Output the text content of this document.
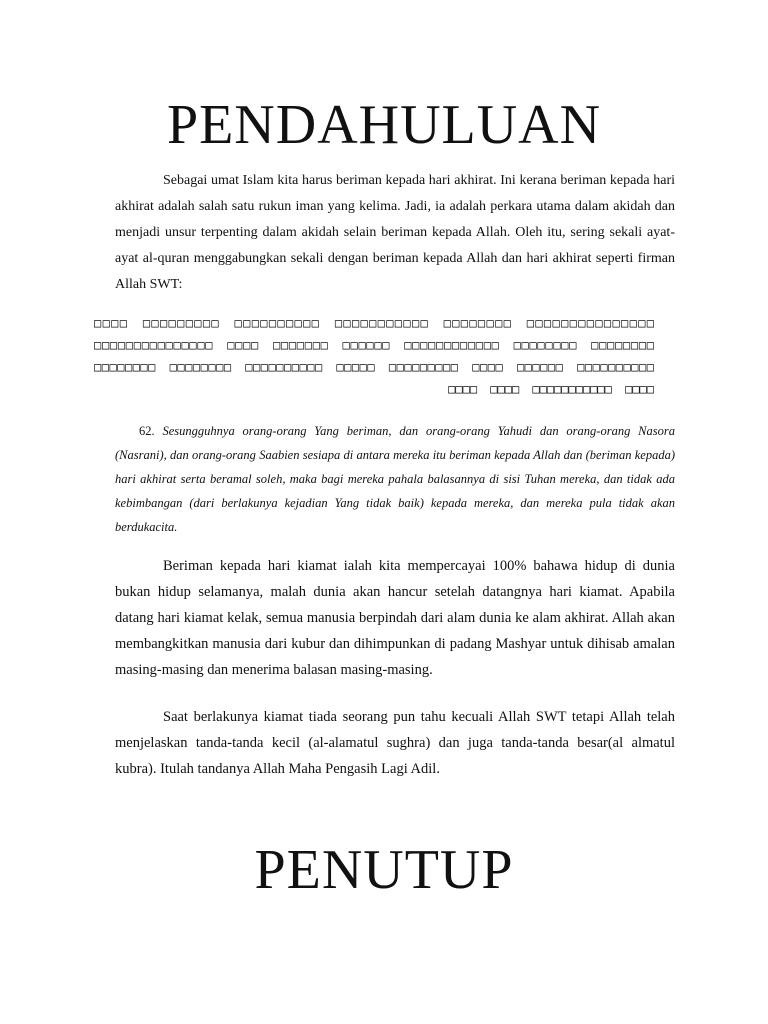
PENDAHULUAN
Sebagai umat Islam kita harus beriman kepada hari akhirat. Ini kerana beriman kepada hari akhirat adalah salah satu rukun iman yang kelima. Jadi, ia adalah perkara utama dalam akidah dan menjadi unsur terpenting dalam akidah selain beriman kepada Allah. Oleh itu, sering sekali ayat-ayat al-quran menggabungkan sekali dengan beriman kepada Allah dan hari akhirat seperti firman Allah SWT:
□□□□ □□□□□□□□□ □□□□□□□□□□ □□□□□□□□□□□ □□□□□□□□ □□□□□□□□□□□□□□□ □□□□□□□□□□□□□□□ □□□□ □□□□□□□ □□□□□□ □□□□□□□□□□□□ □□□□□□□□ □□□□□□□□ □□□□□□□□ □□□□□□□□ □□□□□□□□□□ □□□□□ □□□□□□□□□ □□□□ □□□□□□ □□□□□□□□□□ □□□□ □□□□ □□□□□□□□□□□ □□□□
62. Sesungguhnya orang-orang Yang beriman, dan orang-orang Yahudi dan orang-orang Nasora (Nasrani), dan orang-orang Saabien sesiapa di antara mereka itu beriman kepada Allah dan (beriman kepada) hari akhirat serta beramal soleh, maka bagi mereka pahala balasannya di sisi Tuhan mereka, dan tidak ada kebimbangan (dari berlakunya kejadian Yang tidak baik) kepada mereka, dan mereka pula tidak akan berdukacita.
Beriman kepada hari kiamat ialah kita mempercayai 100% bahawa hidup di dunia bukan hidup selamanya, malah dunia akan hancur setelah datangnya hari kiamat. Apabila datang hari kiamat kelak, semua manusia berpindah dari alam dunia ke alam akhirat. Allah akan membangkitkan manusia dari kubur dan dihimpunkan di padang Mashyar untuk dihisab amalan masing-masing dan menerima balasan masing-masing.
Saat berlakunya kiamat tiada seorang pun tahu kecuali Allah SWT tetapi Allah telah menjelaskan tanda-tanda kecil (al-alamatul sughra) dan juga tanda-tanda besar(al almatul kubra). Itulah tandanya Allah Maha Pengasih Lagi Adil.
PENUTUP
